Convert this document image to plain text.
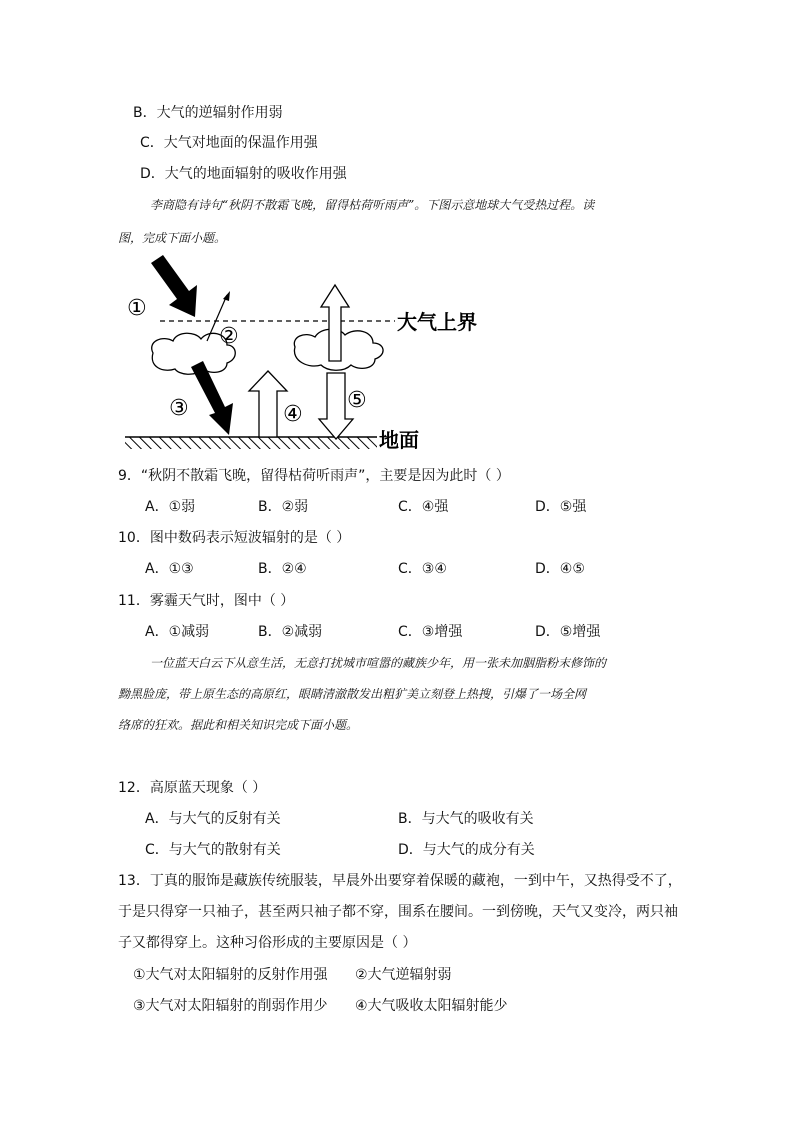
B．大气的逆辐射作用弱
C．大气对地面的保温作用强
D．大气的地面辐射的吸收作用强
李商隐有诗句“秋阴不散霜飞晚，留得枯荷听雨声”。下图示意地球大气受热过程。读
图，完成下面小题。
①
②
③	④
⑤
大气上界
地面
9．“秋阴不散霜飞晚，留得枯荷听雨声”，主要是因为此时（ ）
A．①弱	B．②弱	C．④强	D．⑤强
10．图中数码表示短波辐射的是（ ）
A．①③	B．②④	C．③④	D．④⑤
11．雾霾天气时，图中（ ）
A．①减弱	B．②减弱	C．③增强	D．⑤增强
一位蓝天白云下从意生活，无意打扰城市喧嚣的藏族少年，用一张未加胭脂粉末修饰的
黝黑脸庞，带上原生态的高原红，眼睛清澈散发出粗犷美立刻登上热搜，引爆了一场全网
络席的狂欢。据此和相关知识完成下面小题。
12．高原蓝天现象（ ）
A．与大气的反射有关	B．与大气的吸收有关
C．与大气的散射有关	D．与大气的成分有关
13．丁真的服饰是藏族传统服装，早晨外出要穿着保暖的藏袍，一到中午，又热得受不了，
于是只得穿一只袖子，甚至两只袖子都不穿，围系在腰间。一到傍晚，天气又变冷，两只袖
子又都得穿上。这种习俗形成的主要原因是（ ）
①大气对太阳辐射的反射作用强 ②大气逆辐射弱
③大气对太阳辐射的削弱作用少 ④大气吸收太阳辐射能少
